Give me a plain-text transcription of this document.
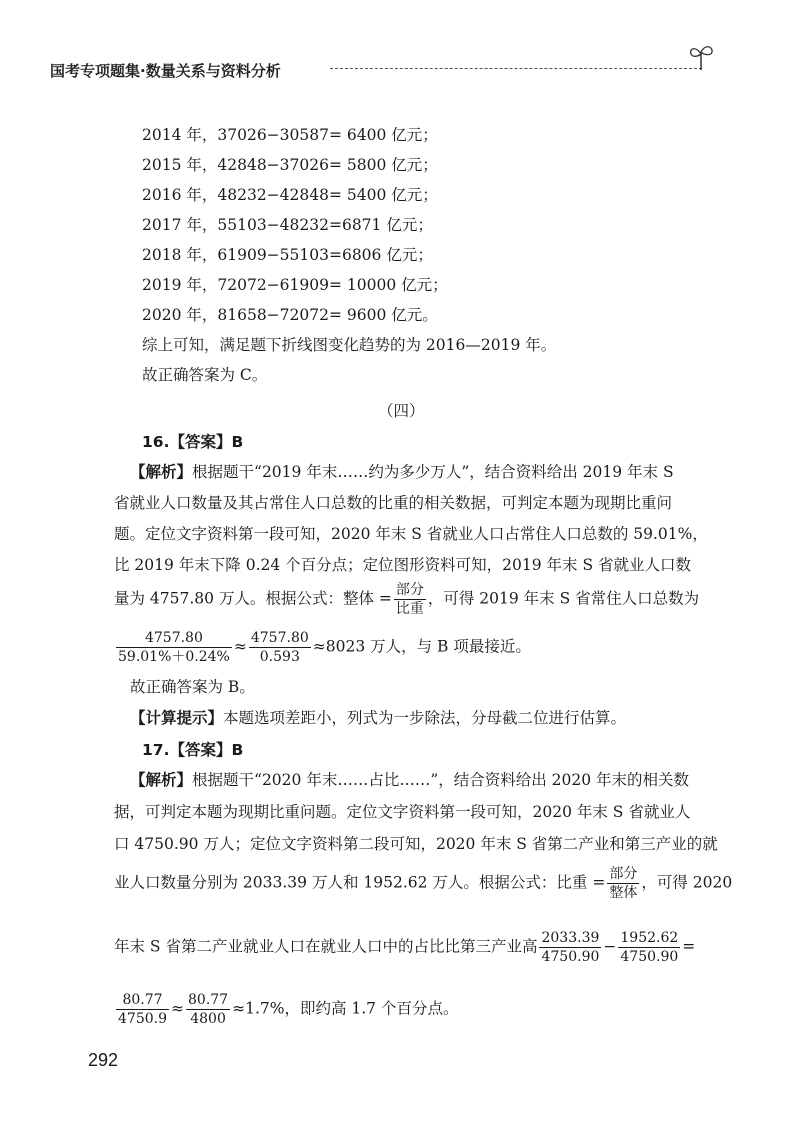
国考专项题集·数量关系与资料分析
2014 年，37026−30587= 6400 亿元；
2015 年，42848−37026= 5800 亿元；
2016 年，48232−42848= 5400 亿元；
2017 年，55103−48232=6871 亿元；
2018 年，61909−55103=6806 亿元；
2019 年，72072−61909= 10000 亿元；
2020 年，81658−72072= 9600 亿元。
综上可知，满足题下折线图变化趋势的为 2016—2019 年。
故正确答案为 C。
（四）
16.【答案】B
【解析】根据题干“2019 年末……约为多少万人”，结合资料给出 2019 年末 S
省就业人口数量及其占常住人口总数的比重的相关数据，可判定本题为现期比重问
题。定位文字资料第一段可知，2020 年末 S 省就业人口占常住人口总数的 59.01%，
比 2019 年末下降 0.24 个百分点；定位图形资料可知，2019 年末 S 省就业人口数
量为 4757.80 万人。根据公式：整体 = $\frac{\text{部分}}{\text{比重}}$ ，可得 2019 年末 S 省常住人口总数为
$\frac{4757.80}{59.01\%+0.24\%} \approx \frac{4757.80}{0.593} \approx 8023$ 万人，与 B 项最接近。
故正确答案为 B。
【计算提示】本题选项差距小，列式为一步除法，分母截二位进行估算。
17.【答案】B
【解析】根据题干“2020 年末……占比……”，结合资料给出 2020 年末的相关数
据，可判定本题为现期比重问题。定位文字资料第一段可知，2020 年末 S 省就业人
口 4750.90 万人；定位文字资料第二段可知，2020 年末 S 省第二产业和第三产业的就
业人口数量分别为 2033.39 万人和 1952.62 万人。根据公式：比重 = $\frac{\text{部分}}{\text{整体}}$ ，可得 2020
年末 S 省第二产业就业人口在就业人口中的占比比第三产业高 $\frac{2033.39}{4750.90} - \frac{1952.62}{4750.90}$ =
$\frac{80.77}{4750.9} \approx \frac{80.77}{4800} \approx 1.7\%$，即约高 1.7 个百分点。
292
